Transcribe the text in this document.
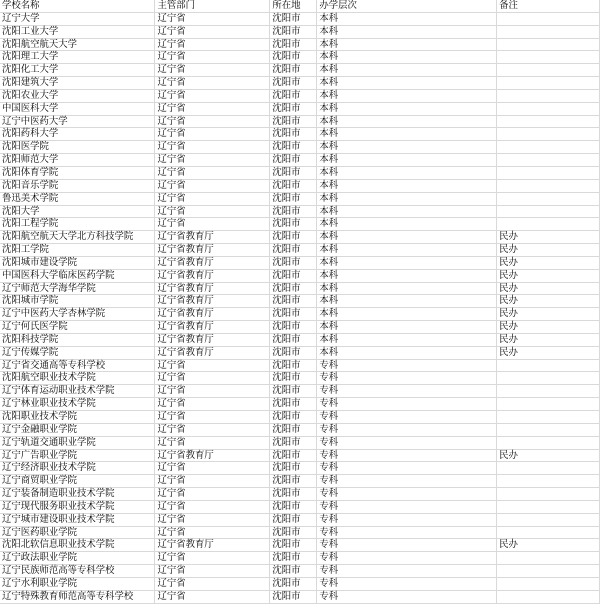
学校名称	主管部门	所在地	办学层次	备注
辽宁大学	辽宁省	沈阳市	本科	
沈阳工业大学	辽宁省	沈阳市	本科	
沈阳航空航天大学	辽宁省	沈阳市	本科	
沈阳理工大学	辽宁省	沈阳市	本科	
沈阳化工大学	辽宁省	沈阳市	本科	
沈阳建筑大学	辽宁省	沈阳市	本科	
沈阳农业大学	辽宁省	沈阳市	本科	
中国医科大学	辽宁省	沈阳市	本科	
辽宁中医药大学	辽宁省	沈阳市	本科	
沈阳药科大学	辽宁省	沈阳市	本科	
沈阳医学院	辽宁省	沈阳市	本科	
沈阳师范大学	辽宁省	沈阳市	本科	
沈阳体育学院	辽宁省	沈阳市	本科	
沈阳音乐学院	辽宁省	沈阳市	本科	
鲁迅美术学院	辽宁省	沈阳市	本科	
沈阳大学	辽宁省	沈阳市	本科	
沈阳工程学院	辽宁省	沈阳市	本科	
沈阳航空航天大学北方科技学院	辽宁省教育厅	沈阳市	本科	民办
沈阳工学院	辽宁省教育厅	沈阳市	本科	民办
沈阳城市建设学院	辽宁省教育厅	沈阳市	本科	民办
中国医科大学临床医药学院	辽宁省教育厅	沈阳市	本科	民办
辽宁师范大学海华学院	辽宁省教育厅	沈阳市	本科	民办
沈阳城市学院	辽宁省教育厅	沈阳市	本科	民办
辽宁中医药大学杏林学院	辽宁省教育厅	沈阳市	本科	民办
辽宁何氏医学院	辽宁省教育厅	沈阳市	本科	民办
沈阳科技学院	辽宁省教育厅	沈阳市	本科	民办
辽宁传媒学院	辽宁省教育厅	沈阳市	本科	民办
辽宁省交通高等专科学校	辽宁省	沈阳市	专科	
沈阳航空职业技术学院	辽宁省	沈阳市	专科	
辽宁体育运动职业技术学院	辽宁省	沈阳市	专科	
辽宁林业职业技术学院	辽宁省	沈阳市	专科	
沈阳职业技术学院	辽宁省	沈阳市	专科	
辽宁金融职业学院	辽宁省	沈阳市	专科	
辽宁轨道交通职业学院	辽宁省	沈阳市	专科	
辽宁广告职业学院	辽宁省教育厅	沈阳市	专科	民办
辽宁经济职业技术学院	辽宁省	沈阳市	专科	
辽宁商贸职业学院	辽宁省	沈阳市	专科	
辽宁装备制造职业技术学院	辽宁省	沈阳市	专科	
辽宁现代服务职业技术学院	辽宁省	沈阳市	专科	
辽宁城市建设职业技术学院	辽宁省	沈阳市	专科	
辽宁医药职业学院	辽宁省	沈阳市	专科	
沈阳北软信息职业技术学院	辽宁省教育厅	沈阳市	专科	民办
辽宁政法职业学院	辽宁省	沈阳市	专科	
辽宁民族师范高等专科学校	辽宁省	沈阳市	专科	
辽宁水利职业学院	辽宁省	沈阳市	专科	
辽宁特殊教育师范高等专科学校	辽宁省	沈阳市	专科	
